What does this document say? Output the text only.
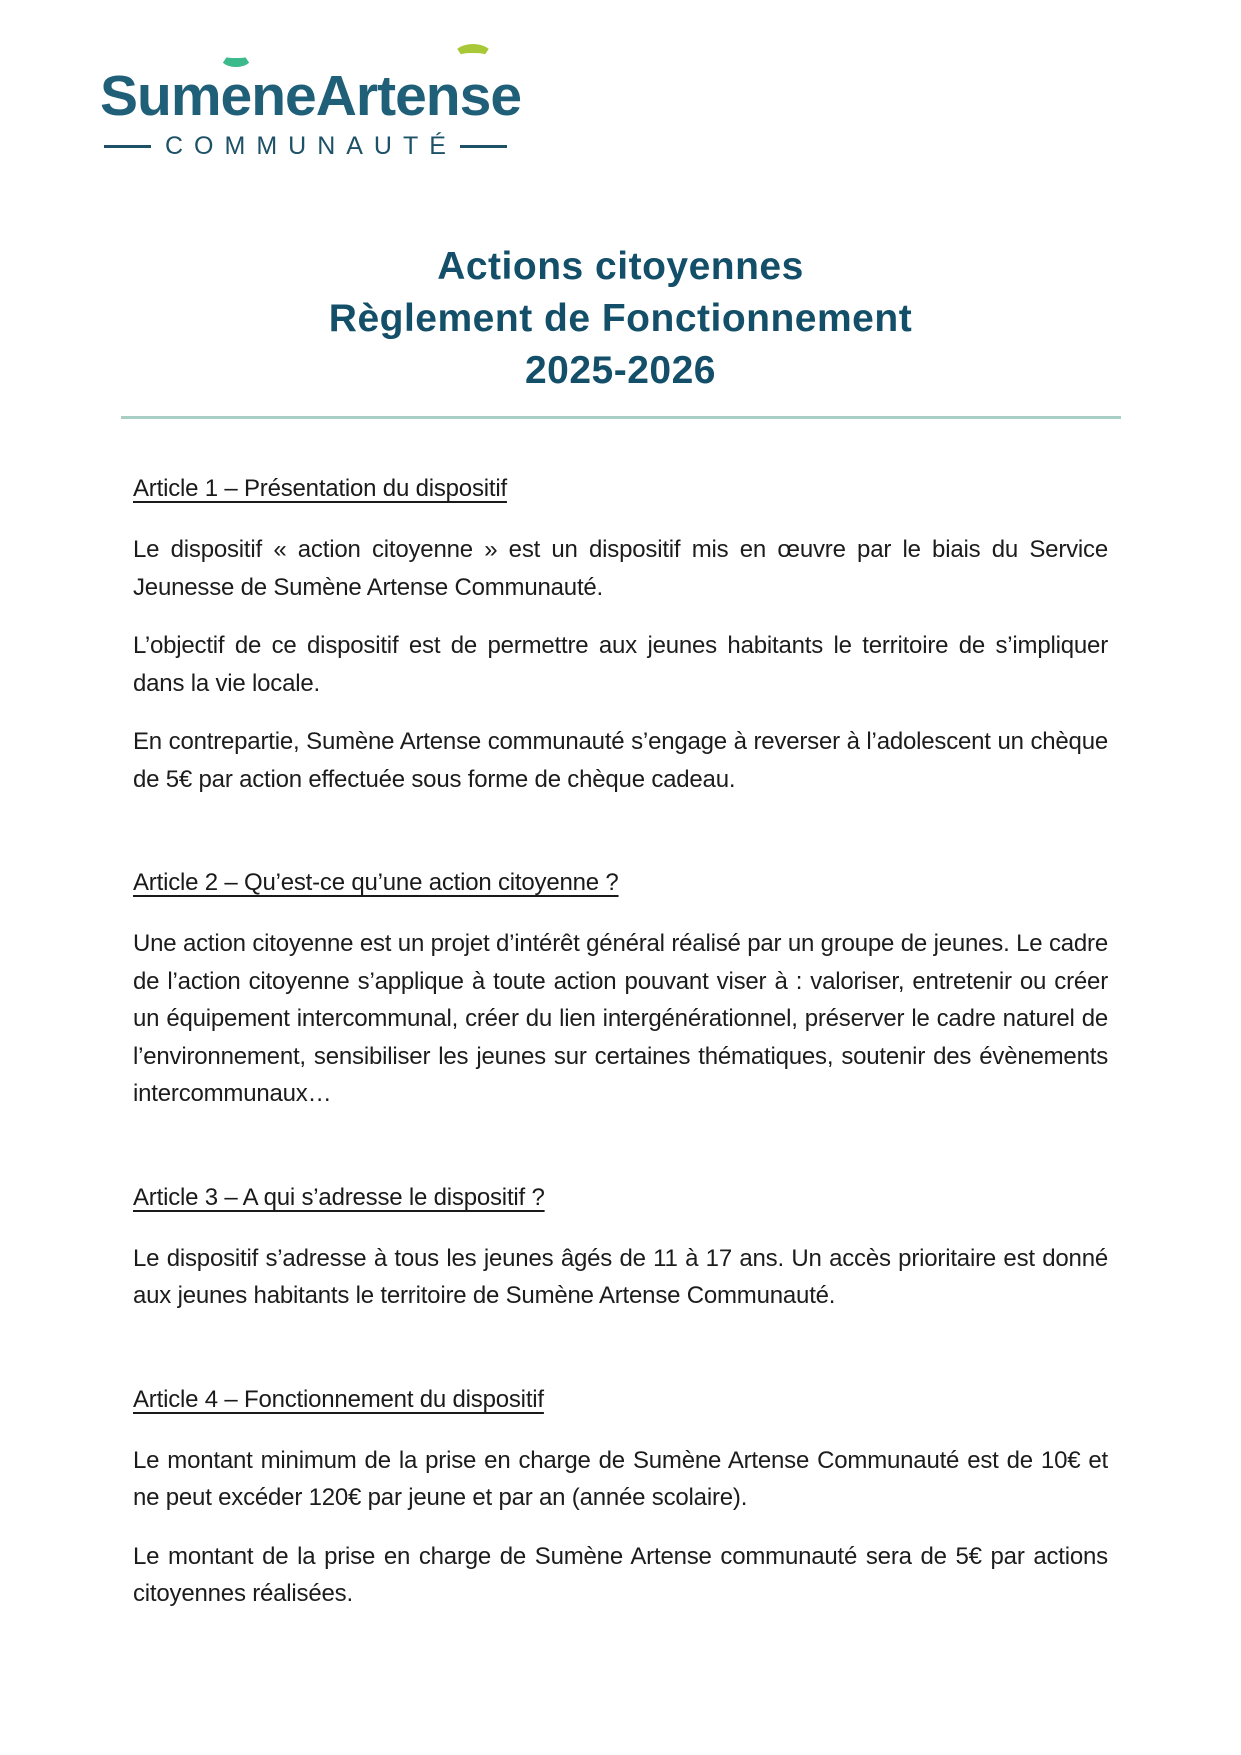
Sum
eneArten
se
COMMUNAUTÉ
Actions citoyennes
Règlement de Fonctionnement
2025-2026
Article 1 – Présentation du dispositif

Le dispositif « action citoyenne » est un dispositif mis en œuvre par le biais du Service Jeunesse de Sumène Artense Communauté.

L’objectif de ce dispositif est de permettre aux jeunes habitants le territoire de s’impliquer dans la vie locale.

En contrepartie, Sumène Artense communauté s’engage à reverser à l’adolescent un chèque de 5€ par action effectuée sous forme de chèque cadeau.

Article 2 – Qu’est-ce qu’une action citoyenne ?

Une action citoyenne est un projet d’intérêt général réalisé par un groupe de jeunes. Le cadre de l’action citoyenne s’applique à toute action pouvant viser à : valoriser, entretenir ou créer un équipement intercommunal, créer du lien intergénérationnel, préserver le cadre naturel de l’environnement, sensibiliser les jeunes sur certaines thématiques, soutenir des évènements intercommunaux…

Article 3 – A qui s’adresse le dispositif ?

Le dispositif s’adresse à tous les jeunes âgés de 11 à 17 ans. Un accès prioritaire est donné aux jeunes habitants le territoire de Sumène Artense Communauté.

Article 4 – Fonctionnement du dispositif

Le montant minimum de la prise en charge de Sumène Artense Communauté est de 10€ et ne peut excéder 120€ par jeune et par an (année scolaire).

Le montant de la prise en charge de Sumène Artense communauté sera de 5€ par actions citoyennes réalisées.
